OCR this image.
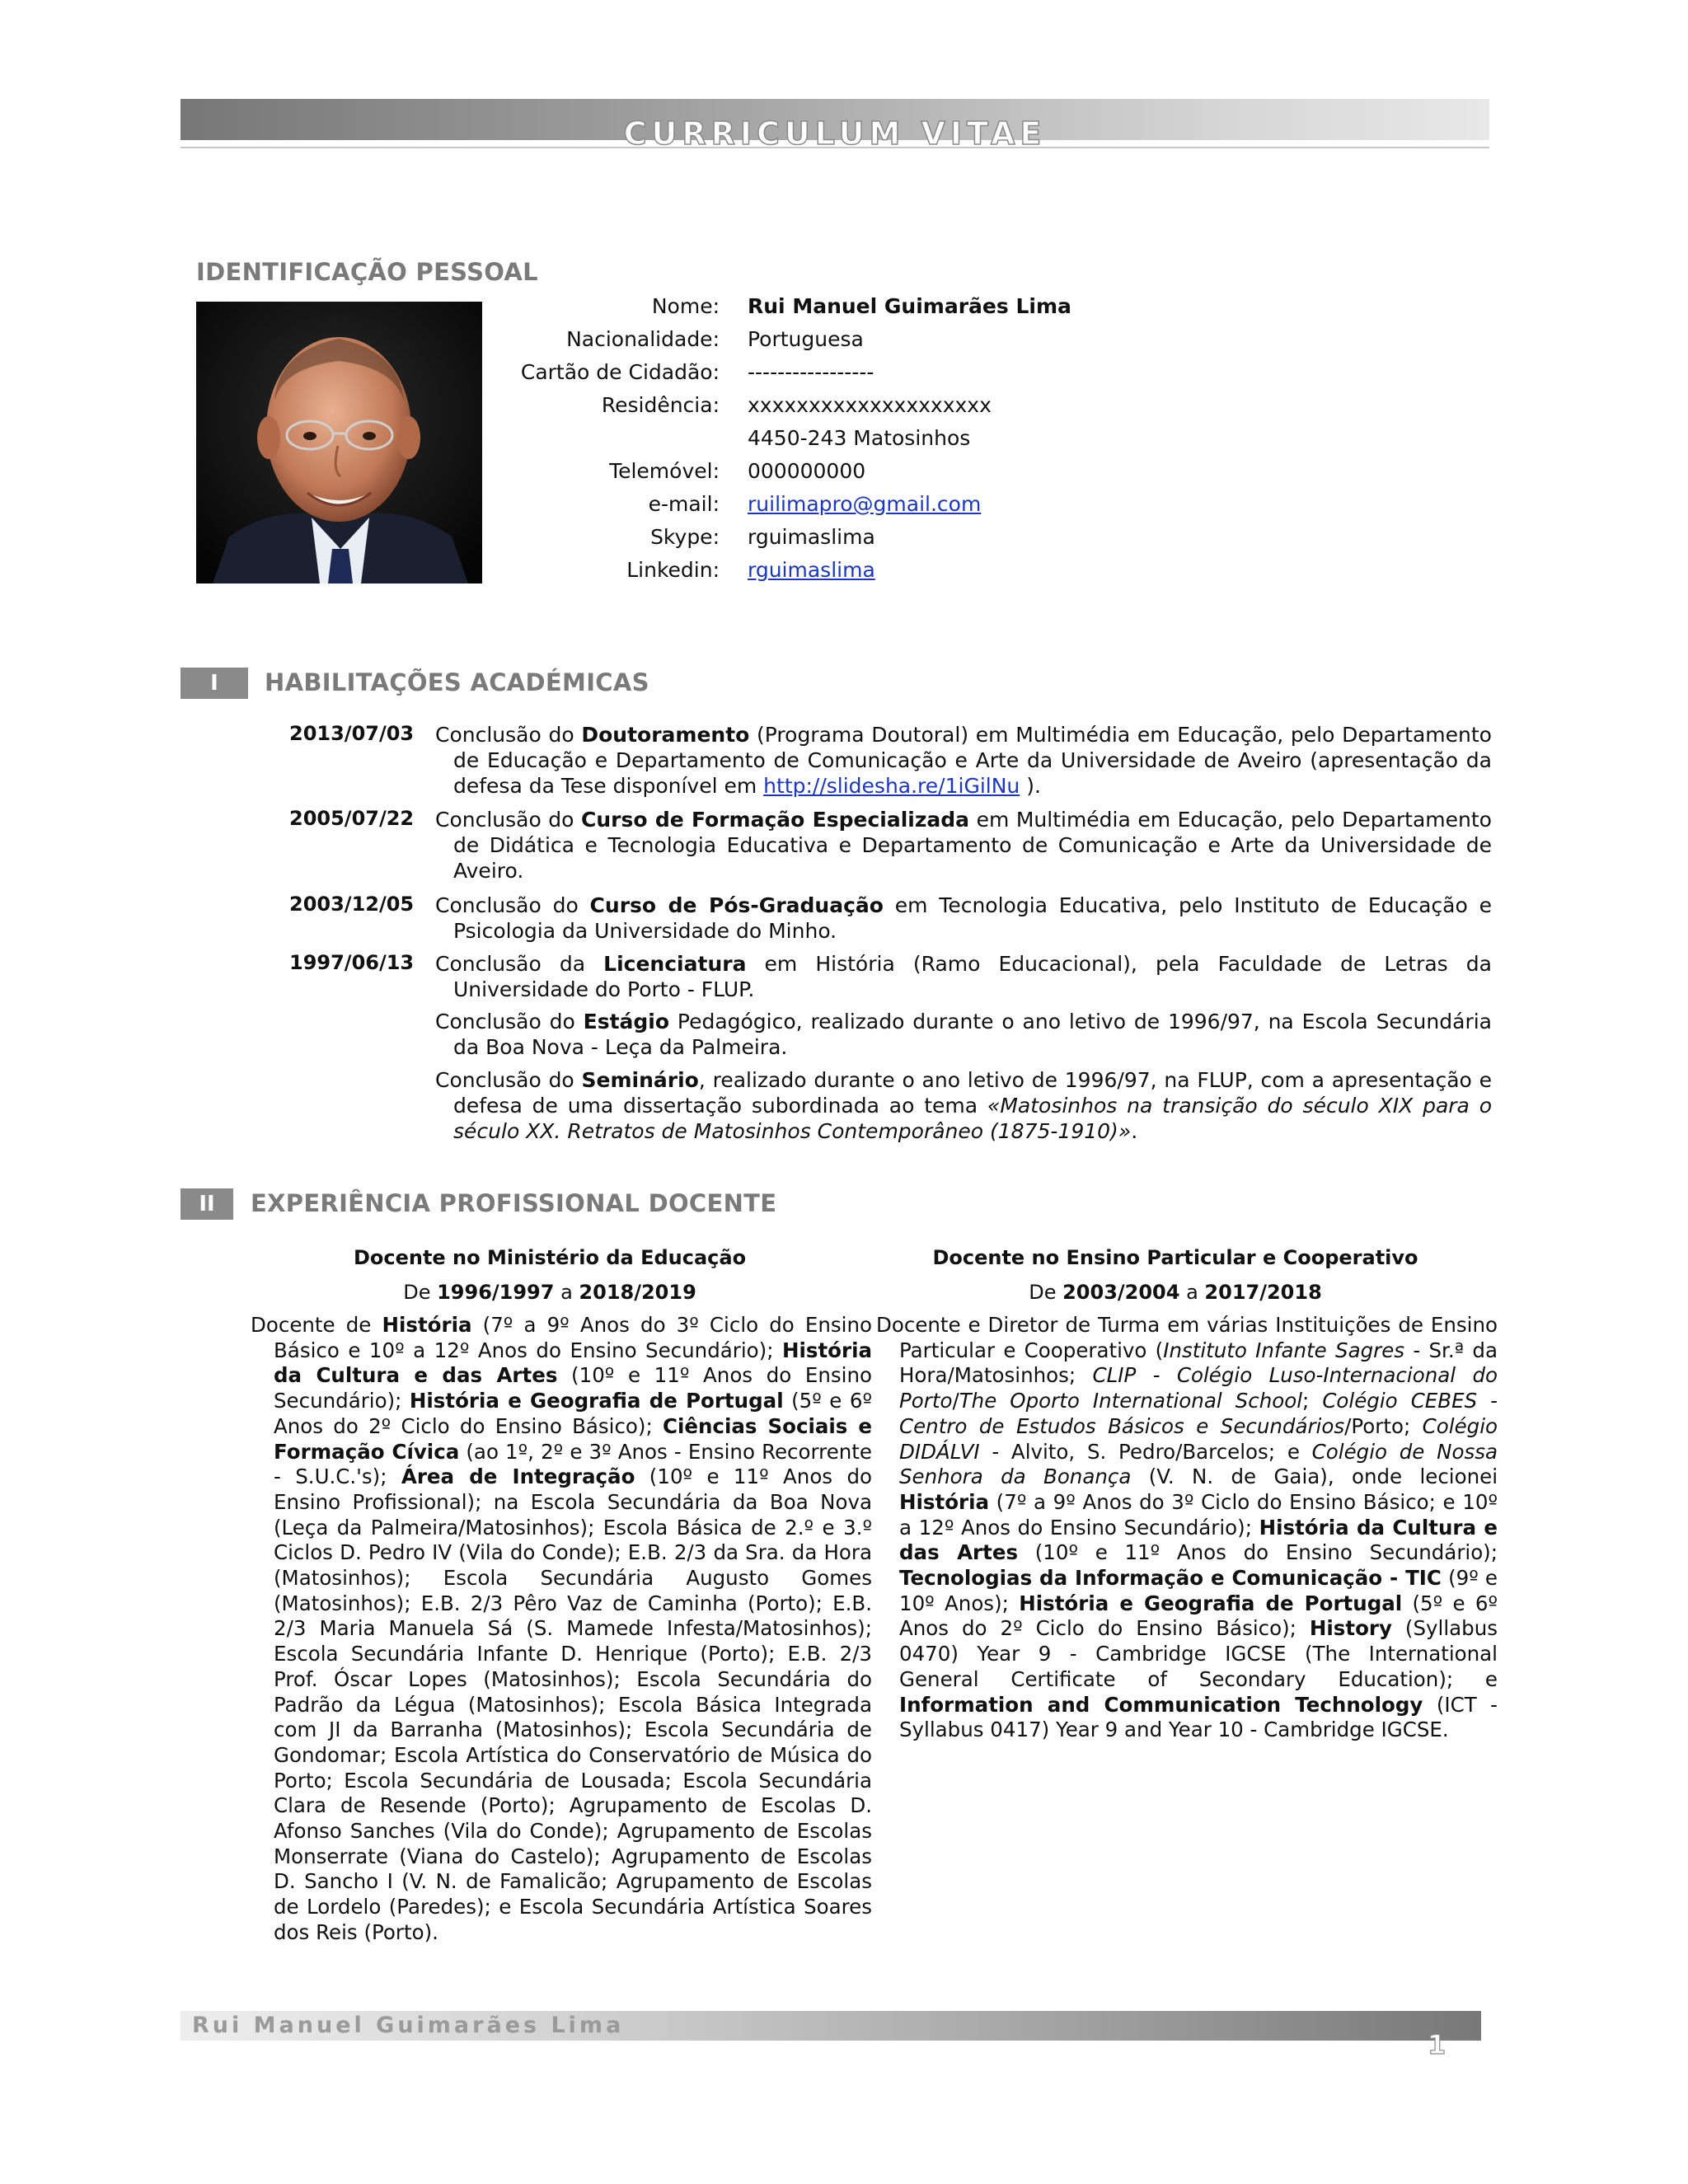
CURRICULUM VITAE
IDENTIFICAÇÃO PESSOAL
Nome: Rui Manuel Guimarães Lima
Nacionalidade: Portuguesa
Cartão de Cidadão: -----------------
Residência: xxxxxxxxxxxxxxxxxxxx
4450-243 Matosinhos
Telemóvel: 000000000
e-mail: ruilimapro@gmail.com
Skype: rguimaslima
Linkedin: rguimaslima
I	HABILITAÇÕES ACADÉMICAS
2013/07/03 Conclusão do Doutoramento (Programa Doutoral) em Multimédia em Educação, pelo Departamento de Educação e Departamento de Comunicação e Arte da Universidade de Aveiro (apresentação da defesa da Tese disponível em http://slidesha.re/1iGilNu ).
2005/07/22 Conclusão do Curso de Formação Especializada em Multimédia em Educação, pelo Departamento de Didática e Tecnologia Educativa e Departamento de Comunicação e Arte da Universidade de Aveiro.
2003/12/05 Conclusão do Curso de Pós-Graduação em Tecnologia Educativa, pelo Instituto de Educação e Psicologia da Universidade do Minho.
1997/06/13 Conclusão da Licenciatura em História (Ramo Educacional), pela Faculdade de Letras da Universidade do Porto - FLUP.
Conclusão do Estágio Pedagógico, realizado durante o ano letivo de 1996/97, na Escola Secundária da Boa Nova - Leça da Palmeira.
Conclusão do Seminário, realizado durante o ano letivo de 1996/97, na FLUP, com a apresentação e defesa de uma dissertação subordinada ao tema «Matosinhos na transição do século XIX para o século XX. Retratos de Matosinhos Contemporâneo (1875-1910)».
II	EXPERIÊNCIA PROFISSIONAL DOCENTE
Docente no Ministério da Educação
De 1996/1997 a 2018/2019
Docente de História (7º a 9º Anos do 3º Ciclo do Ensino Básico e 10º a 12º Anos do Ensino Secundário); História da Cultura e das Artes (10º e 11º Anos do Ensino Secundário); História e Geografia de Portugal (5º e 6º Anos do 2º Ciclo do Ensino Básico); Ciências Sociais e Formação Cívica (ao 1º, 2º e 3º Anos - Ensino Recorrente - S.U.C.'s); Área de Integração (10º e 11º Anos do Ensino Profissional); na Escola Secundária da Boa Nova (Leça da Palmeira/Matosinhos); Escola Básica de 2.º e 3.º Ciclos D. Pedro IV (Vila do Conde); E.B. 2/3 da Sra. da Hora (Matosinhos); Escola Secundária Augusto Gomes (Matosinhos); E.B. 2/3 Pêro Vaz de Caminha (Porto); E.B. 2/3 Maria Manuela Sá (S. Mamede Infesta/Matosinhos); Escola Secundária Infante D. Henrique (Porto); E.B. 2/3 Prof. Óscar Lopes (Matosinhos); Escola Secundária do Padrão da Légua (Matosinhos); Escola Básica Integrada com JI da Barranha (Matosinhos); Escola Secundária de Gondomar; Escola Artística do Conservatório de Música do Porto; Escola Secundária de Lousada; Escola Secundária Clara de Resende (Porto); Agrupamento de Escolas D. Afonso Sanches (Vila do Conde); Agrupamento de Escolas Monserrate (Viana do Castelo); Agrupamento de Escolas D. Sancho I (V. N. de Famalicão; Agrupamento de Escolas de Lordelo (Paredes); e Escola Secundária Artística Soares dos Reis (Porto).
Docente no Ensino Particular e Cooperativo
De 2003/2004 a 2017/2018
Docente e Diretor de Turma em várias Instituições de Ensino Particular e Cooperativo (Instituto Infante Sagres - Sr.ª da Hora/Matosinhos; CLIP - Colégio Luso-Internacional do Porto/The Oporto International School; Colégio CEBES - Centro de Estudos Básicos e Secundários/Porto; Colégio DIDÁLVI - Alvito, S. Pedro/Barcelos; e Colégio de Nossa Senhora da Bonança (V. N. de Gaia), onde lecionei História (7º a 9º Anos do 3º Ciclo do Ensino Básico; e 10º a 12º Anos do Ensino Secundário); História da Cultura e das Artes (10º e 11º Anos do Ensino Secundário); Tecnologias da Informação e Comunicação - TIC (9º e 10º Anos); História e Geografia de Portugal (5º e 6º Anos do 2º Ciclo do Ensino Básico); History (Syllabus 0470) Year 9 - Cambridge IGCSE (The International General Certificate of Secondary Education); e Information and Communication Technology (ICT - Syllabus 0417) Year 9 and Year 10 - Cambridge IGCSE.
Rui Manuel Guimarães Lima
1
